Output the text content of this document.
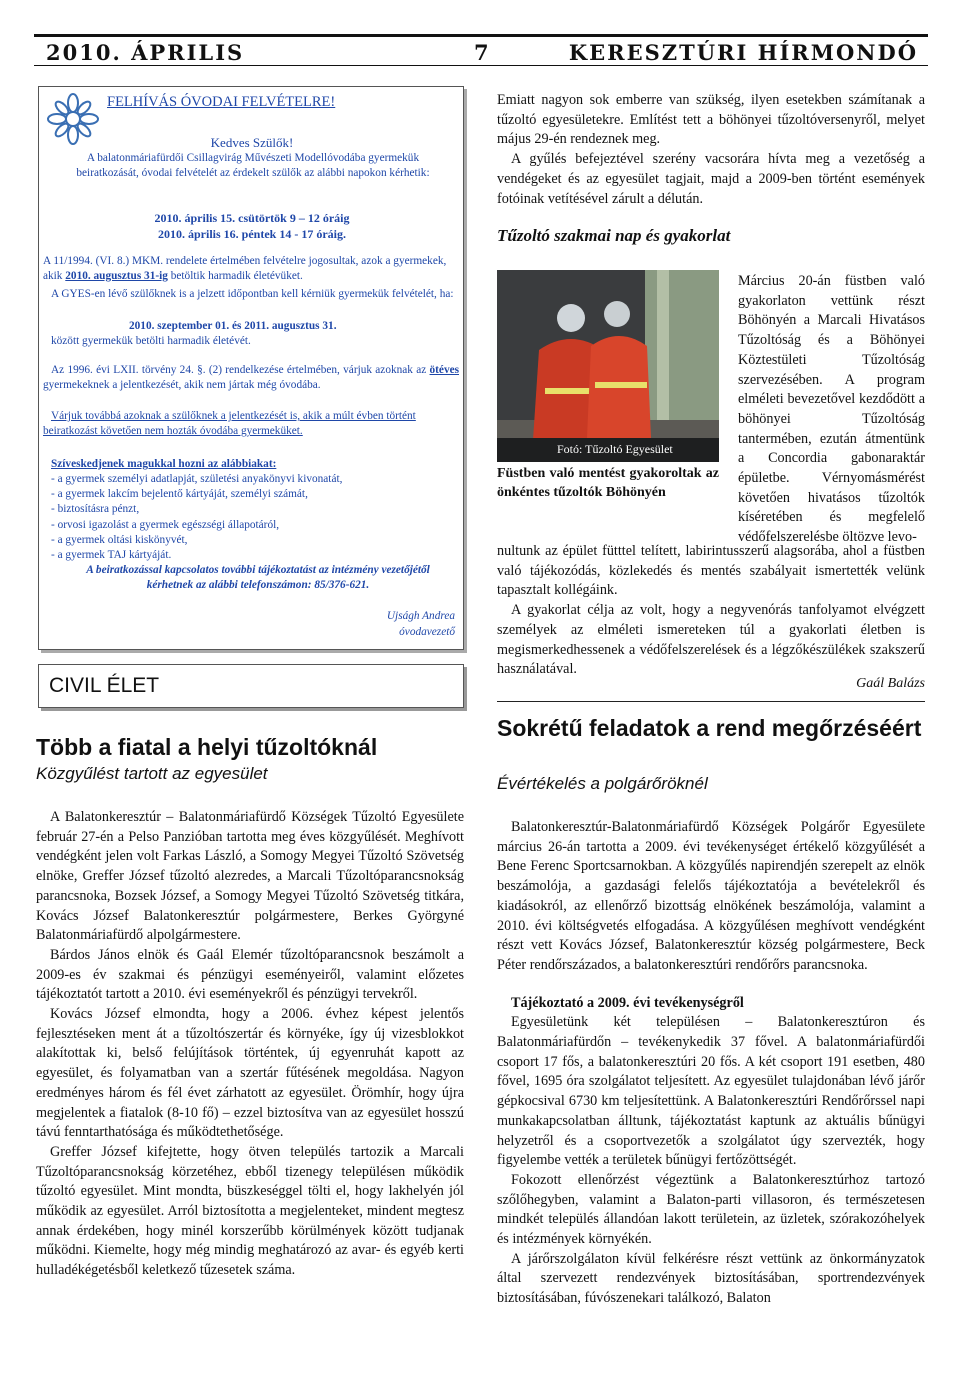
2010. ÁPRILIS	7	KERESZTÚRI HÍRMONDÓ

FELHÍVÁS ÓVODAI FELVÉTELRE!

Kedves Szülők!

A balatonmáriafürdői Csillagvirág Művészeti Modellóvodába gyermekük beiratkozását, óvodai felvételét az érdekelt szülők az alábbi napokon kérhetik:

2010. április 15. csütörtök 9 – 12 óráig

2010. április 16. péntek 14 - 17 óráig.

A 11/1994. (VI. 8.) MKM. rendelete értelmében felvételre jogosultak, azok a gyermekek, akik 2010. augusztus 31-ig betöltik harmadik életévüket.

A GYES-en lévő szülőknek is a jelzett időpontban kell kérniük gyermekük felvételét, ha:

2010. szeptember 01. és 2011. augusztus 31.

között gyermekük betölti harmadik életévét.

Az 1996. évi LXII. törvény 24. §. (2) rendelkezése értelmében, várjuk azoknak az ötéves gyermekeknek a jelentkezését, akik nem jártak még óvodába.

Várjuk továbbá azoknak a szülőknek a jelentkezését is, akik a múlt évben történt beiratkozást követően nem hozták óvodába gyermeküket.

Szíveskedjenek magukkal hozni az alábbiakat:

- a gyermek személyi adatlapját, születési anyakönyvi kivonatát,
- a gyermek lakcím bejelentő kártyáját, személyi számát,
- biztosításra pénzt,
- orvosi igazolást a gyermek egészségi állapotáról,
- a gyermek oltási kiskönyvét,
- a gyermek TAJ kártyáját.

A beiratkozással kapcsolatos további tájékoztatást az intézmény vezetőjétől kérhetnek az alábbi telefonszámon: 85/376-621.

Ujságh Andrea

óvodavezető

CIVIL ÉLET
Több a fiatal a helyi tűzoltóknál
Közgyűlést tartott az egyesület

A Balatonkeresztúr – Balatonmáriafürdő Községek Tűzoltó Egyesülete február 27-én a Pelso Panzióban tartotta meg éves közgyűlését. Meghívott vendégként jelen volt Farkas László, a Somogy Megyei Tűzoltó Szövetség elnöke, Greffer József tűzoltó alezredes, a Marcali Tűzoltóparancsnokság parancsnoka, Bozsek József, a Somogy Megyei Tűzoltó Szövetség titkára, Kovács József Balatonkeresztúr polgármestere, Berkes Györgyné Balatonmáriafürdő alpolgármestere.

Bárdos János elnök és Gaál Elemér tűzoltóparancsnok beszámolt a 2009-es év szakmai és pénzügyi eseményeiről, valamint előzetes tájékoztatót tartott a 2010. évi eseményekről és pénzügyi tervekről.

Kovács József elmondta, hogy a 2006. évhez képest jelentős fejlesztéseken ment át a tűzoltószertár és környéke, így új vizesblokkot alakítottak ki, belső felújítások történtek, új egyenruhát kapott az egyesület, és folyamatban van a szertár fűtésének megoldása. Nagyon eredményes három és fél évet zárhatott az egyesület. Örömhír, hogy újra megjelentek a fiatalok (8-10 fő) – ezzel biztosítva van az egyesület hosszú távú fenntarthatósága és működtethetősége.

Greffer József kifejtette, hogy ötven település tartozik a Marcali Tűzoltóparancsnokság körzetéhez, ebből tizenegy településen működik tűzoltó egyesület. Mint mondta, büszkeséggel tölti el, hogy lakhelyén jól működik az egyesület. Arról biztosította a megjelenteket, mindent megtesz annak érdekében, hogy minél korszerűbb körülmények között tudjanak működni. Kiemelte, hogy még mindig meghatározó az avar- és egyéb kerti hulladékégetésből keletkező tűzesetek száma.

Emiatt nagyon sok emberre van szükség, ilyen esetekben számítanak a tűzoltó egyesületekre. Említést tett a böhönyei tűzoltóversenyről, melyet május 29-én rendeznek meg.

A gyűlés befejeztével szerény vacsorára hívta meg a vezetőség a vendégeket és az egyesület tagjait, majd a 2009-ben történt események fotóinak vetítésével zárult a délután.

Tűzoltó szakmai nap és gyakorlat
Fotó: Tűzoltó Egyesület
Füstben való mentést gyakoroltak az önkéntes tűzoltók Böhönyén
Március 20-án füstben való gyakorlaton vettünk részt Böhönyén a Marcali Hivatásos Tűzoltóság és a Böhönyei Köztestületi Tűzoltóság szervezésében. A program elméleti bevezetővel kezdődött a böhönyei Tűzoltóság tantermében, ezután átmentünk a Concordia gabonaraktár épületbe. Vérnyomásmérést követően hivatásos tűzoltók kíséretében és megfelelő védőfelszerelésbe öltözve levo-

nultunk az épület fütttel telített, labirintusszerű alagsorába, ahol a füstben való tájékozódás, közlekedés és mentés szabályait ismertették velünk tapasztalt kollégáink.

A gyakorlat célja az volt, hogy a negyvenórás tanfolyamot elvégzett személyek az elméleti ismereteken túl a gyakorlati életben is megismerkedhessenek a védőfelszerelések és a légzőkészülékek szakszerű használatával.

Gaál Balázs
Sokrétű feladatok a rend megőrzéséért
Évértékelés a polgárőröknél

Balatonkeresztúr-Balatonmáriafürdő Községek Polgárőr Egyesülete március 26-án tartotta a 2009. évi tevékenységet értékelő közgyűlését a Bene Ferenc Sportcsarnokban. A közgyűlés napirendjén szerepelt az elnök beszámolója, a gazdasági felelős tájékoztatója a bevételekről és kiadásokról, az ellenőrző bizottság elnökének beszámolója, valamint a 2010. évi költségvetés elfogadása. A közgyűlésen meghívott vendégként részt vett Kovács József, Balatonkeresztúr község polgármestere, Beck Péter rendőrszázados, a balatonkeresztúri rendőrőrs parancsnoka.

Tájékoztató a 2009. évi tevékenységről

Egyesületünk két településen – Balatonkeresztúron és Balatonmáriafürdőn – tevékenykedik 37 fővel. A balatonmáriafürdői csoport 17 fős, a balatonkeresztúri 20 fős. A két csoport 191 esetben, 480 fővel, 1695 óra szolgálatot teljesített. Az egyesület tulajdonában lévő járőr gépkocsival 6730 km teljesítettünk. A Balatonkeresztúri Rendőrőrssel napi munkakapcsolatban álltunk, tájékoztatást kaptunk az aktuális bűnügyi helyzetről és a csoportvezetők a szolgálatot úgy szervezték, hogy figyelembe vették a területek bűnügyi fertőzöttségét.

Fokozott ellenőrzést végeztünk a Balatonkeresztúrhoz tartozó szőlőhegyben, valamint a Balaton-parti villasoron, és természetesen mindkét település állandóan lakott területein, az üzletek, szórakozóhelyek és intézmények környékén.

A járőrszolgálaton kívül felkérésre részt vettünk az önkormányzatok által szervezett rendezvények biztosításában, sportrendezvények biztosításában, fúvószenekari találkozó, Balaton
